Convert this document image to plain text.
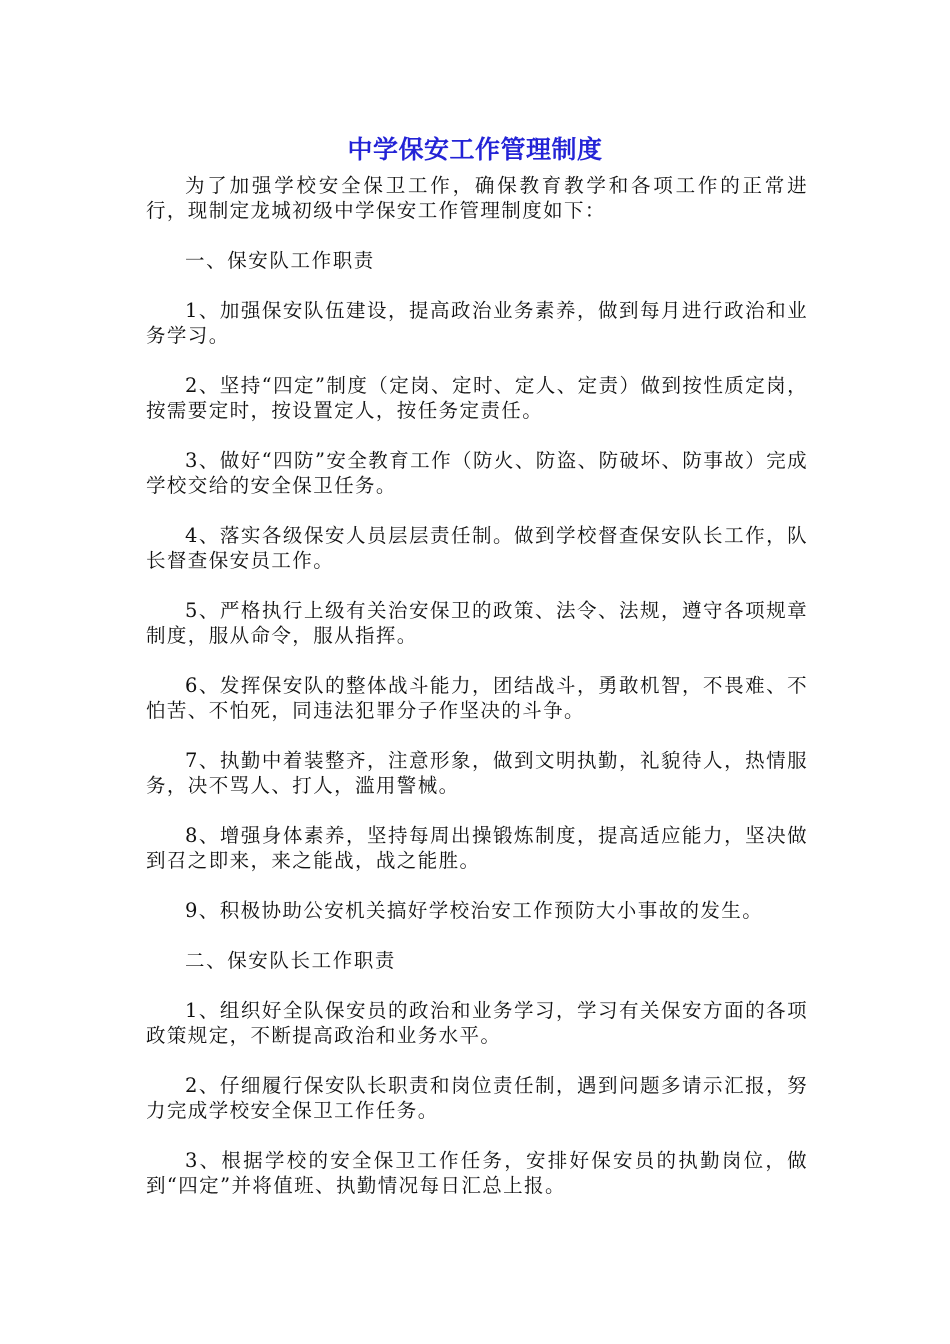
中学保安工作管理制度

为了加强学校安全保卫工作，确保教育教学和各项工作的正常进行，现制定龙城初级中学保安工作管理制度如下：

一、保安队工作职责

1、加强保安队伍建设，提高政治业务素养，做到每月进行政治和业务学习。

2、坚持“四定”制度（定岗、定时、定人、定责）做到按性质定岗，按需要定时，按设置定人，按任务定责任。

3、做好“四防”安全教育工作（防火、防盗、防破坏、防事故）完成学校交给的安全保卫任务。

4、落实各级保安人员层层责任制。做到学校督查保安队长工作，队长督查保安员工作。

5、严格执行上级有关治安保卫的政策、法令、法规，遵守各项规章制度，服从命令，服从指挥。

6、发挥保安队的整体战斗能力，团结战斗，勇敢机智，不畏难、不怕苦、不怕死，同违法犯罪分子作坚决的斗争。

7、执勤中着装整齐，注意形象，做到文明执勤，礼貌待人，热情服务，决不骂人、打人，滥用警械。

8、增强身体素养，坚持每周出操锻炼制度，提高适应能力，坚决做到召之即来，来之能战，战之能胜。

9、积极协助公安机关搞好学校治安工作预防大小事故的发生。

二、保安队长工作职责

1、组织好全队保安员的政治和业务学习，学习有关保安方面的各项政策规定，不断提高政治和业务水平。

2、仔细履行保安队长职责和岗位责任制，遇到问题多请示汇报，努力完成学校安全保卫工作任务。

3、根据学校的安全保卫工作任务，安排好保安员的执勤岗位，做到“四定”并将值班、执勤情况每日汇总上报。
